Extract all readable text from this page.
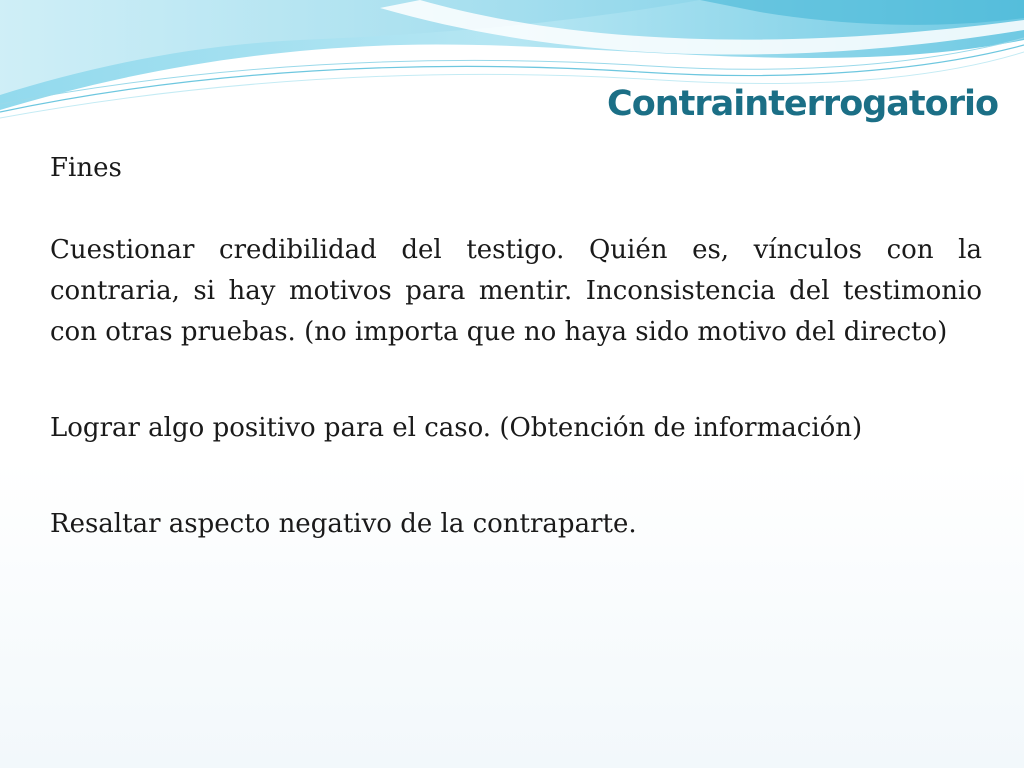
Contrainterrogatorio

Fines

Cuestionar credibilidad del testigo. Quién es, vínculos con la contraria, si hay motivos para mentir. Inconsistencia del testimonio con otras pruebas. (no importa que no haya sido motivo del directo)

Lograr algo positivo para el caso. (Obtención de información)

Resaltar aspecto negativo de la contraparte.
